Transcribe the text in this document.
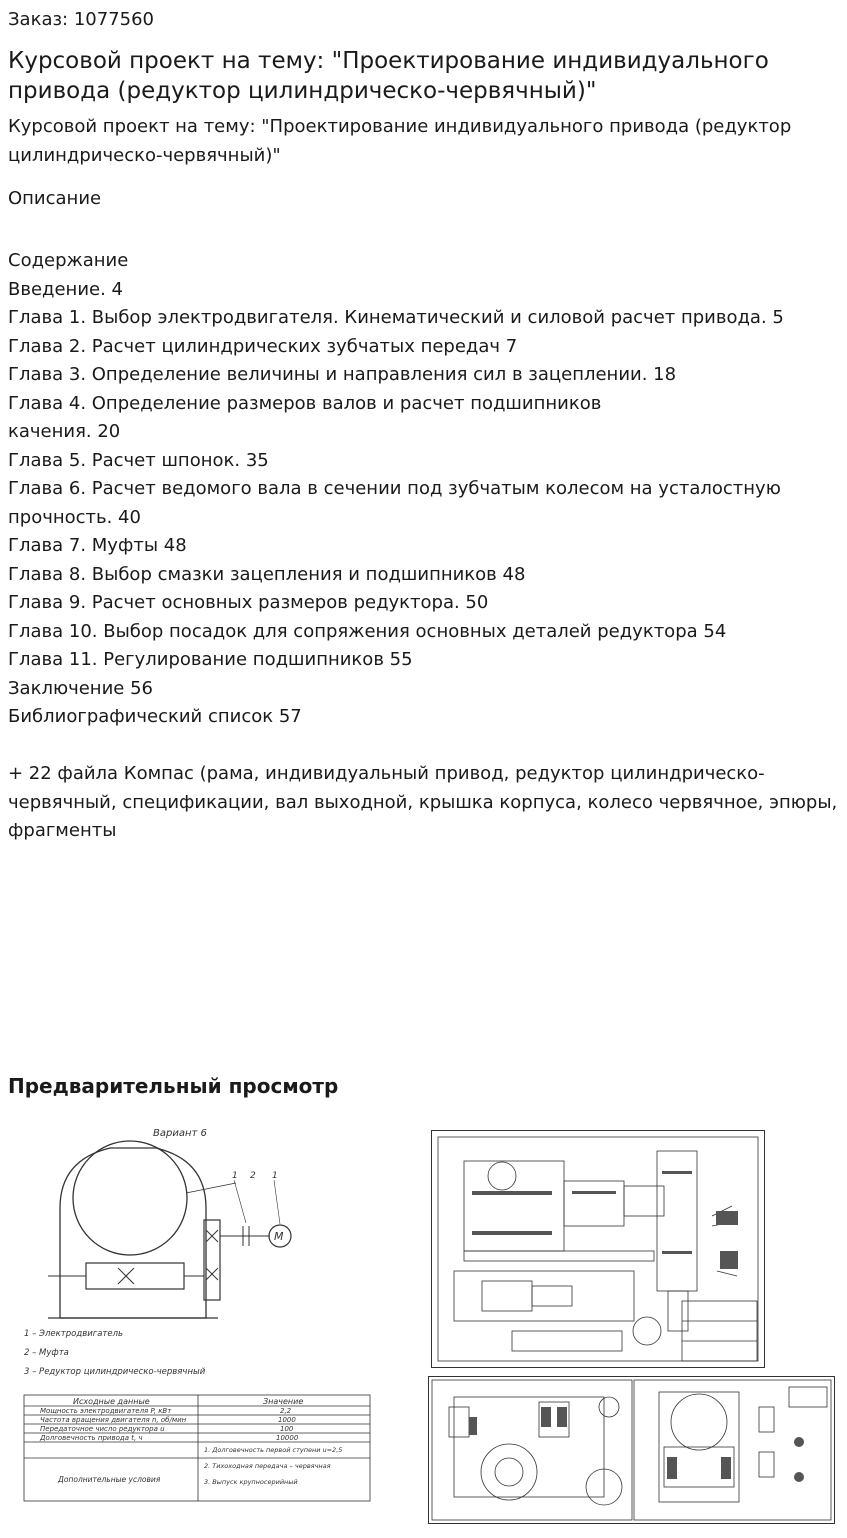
Заказ: 1077560
Курсовой проект на тему: "Проектирование индивидуального привода (редуктор цилиндрическо-червячный)"
Курсовой проект на тему: "Проектирование индивидуального привода (редуктор цилиндрическо-червячный)"
Описание
Содержание
Введение. 4
Глава 1. Выбор электродвигателя. Кинематический и силовой расчет привода. 5
Глава 2. Расчет цилиндрических зубчатых передач 7
Глава 3. Определение величины и направления сил в зацеплении. 18
Глава 4. Определение размеров валов и расчет подшипников
качения. 20
Глава 5. Расчет шпонок. 35
Глава 6. Расчет ведомого вала в сечении под зубчатым колесом на усталостную
прочность. 40
Глава 7. Муфты 48
Глава 8. Выбор смазки зацепления и подшипников 48
Глава 9. Расчет основных размеров редуктора. 50
Глава 10. Выбор посадок для сопряжения основных деталей редуктора 54
Глава 11. Регулирование подшипников 55
Заключение 56
Библиографический список 57
+ 22 файла Компас (рама, индивидуальный привод, редуктор цилиндрическо-червячный, спецификации, вал выходной, крышка корпуса, колесо червячное, эпюры, фрагменты
Предварительный просмотр
Вариант 6
М
1 2 1
1 – Электродвигатель
2 – Муфта
3 – Редуктор цилиндрическо-червячный
Исходные данные	Значение
Мощность электродвигателя P, кВт	2,2
Частота вращения двигателя n, об/мин	1000
Передаточное число редуктора u	100
Долговечность привода t, ч	10000
Дополнительные условия
1. Долговечность первой ступени u=2,5
2. Тихоходная передача – червячная
3. Выпуск крупносерийный
